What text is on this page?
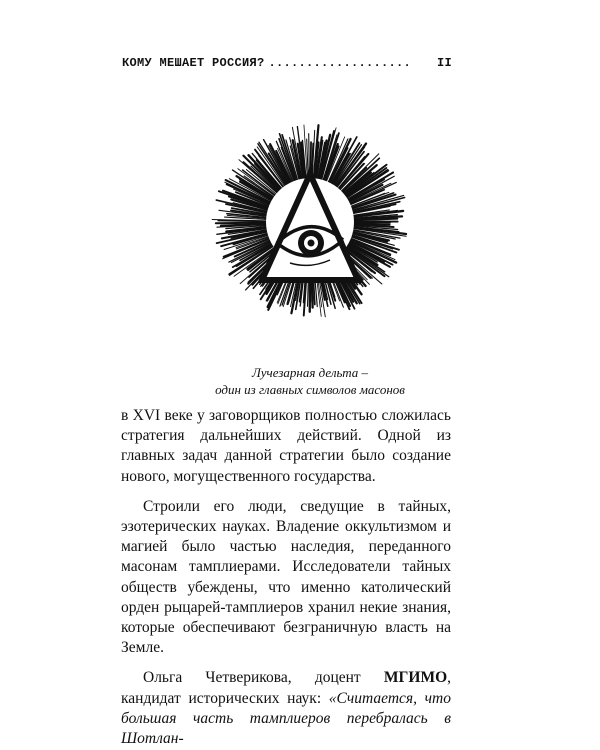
КОМУ МЕШАЕТ РОССИЯ? ...................	II
Лучезарная дельта –
один из главных символов масонов

в XVI веке у заговорщиков полностью сложилась стратегия дальнейших действий. Одной из главных задач данной стратегии было создание нового, могущественного государства.

Строили его люди, сведущие в тайных, эзотерических науках. Владение оккультизмом и магией было частью наследия, переданного масонам тамплиерами. Исследователи тайных обществ убеждены, что именно католический орден рыцарей-тамплиеров хранил некие знания, которые обеспечивают безграничную власть на Земле.

Ольга Четверикова, доцент МГИМО, кандидат исторических наук: «Считается, что большая часть тамплиеров перебралась в Шотлан-
